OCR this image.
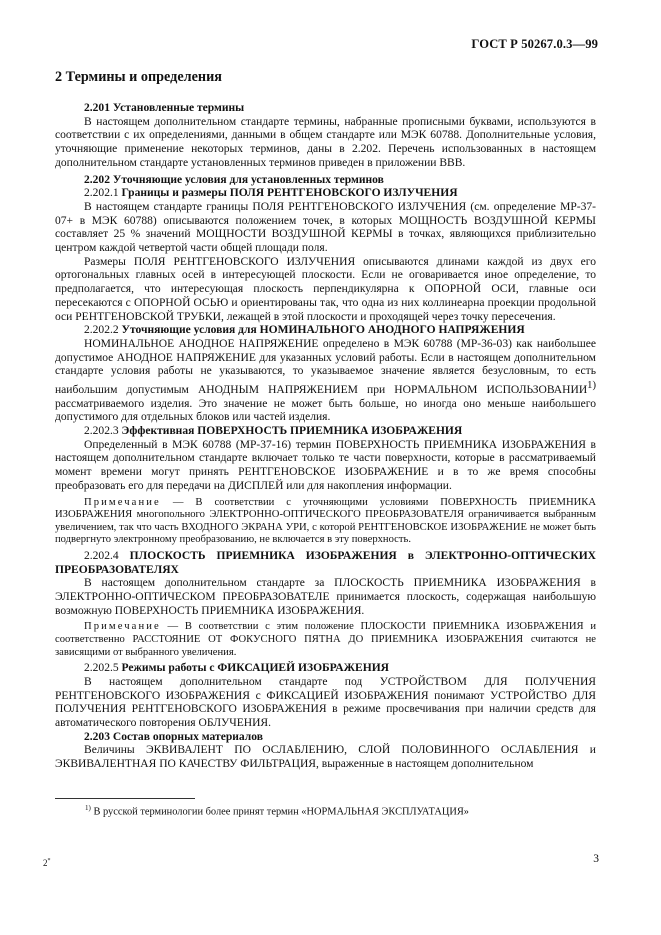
ГОСТ Р 50267.0.3—99

2 Термины и определения

2.201 Установленные термины

В настоящем дополнительном стандарте термины, набранные прописными буквами, используются в соответствии с их определениями, данными в общем стандарте или МЭК 60788. Дополнительные условия, уточняющие применение некоторых терминов, даны в 2.202. Перечень использованных в настоящем дополнительном стандарте установленных терминов приведен в приложении ВВВ.

2.202 Уточняющие условия для установленных терминов

2.202.1 Границы и размеры ПОЛЯ РЕНТГЕНОВСКОГО ИЗЛУЧЕНИЯ

В настоящем стандарте границы ПОЛЯ РЕНТГЕНОВСКОГО ИЗЛУЧЕНИЯ (см. определение МР-37-07+ в МЭК 60788) описываются положением точек, в которых МОЩНОСТЬ ВОЗДУШНОЙ КЕРМЫ составляет 25 % значений МОЩНОСТИ ВОЗДУШНОЙ КЕРМЫ в точках, являющихся приблизительно центром каждой четвертой части общей площади поля.

Размеры ПОЛЯ РЕНТГЕНОВСКОГО ИЗЛУЧЕНИЯ описываются длинами каждой из двух его ортогональных главных осей в интересующей плоскости. Если не оговаривается иное определение, то предполагается, что интересующая плоскость перпендикулярна к ОПОРНОЙ ОСИ, главные оси пересекаются с ОПОРНОЙ ОСЬЮ и ориентированы так, что одна из них коллинеарна проекции продольной оси РЕНТГЕНОВСКОЙ ТРУБКИ, лежащей в этой плоскости и проходящей через точку пересечения.

2.202.2 Уточняющие условия для НОМИНАЛЬНОГО АНОДНОГО НАПРЯЖЕНИЯ

НОМИНАЛЬНОЕ АНОДНОЕ НАПРЯЖЕНИЕ определено в МЭК 60788 (МР-36-03) как наибольшее допустимое АНОДНОЕ НАПРЯЖЕНИЕ для указанных условий работы. Если в настоящем дополнительном стандарте условия работы не указываются, то указываемое значение является безусловным, то есть наибольшим допустимым АНОДНЫМ НАПРЯЖЕНИЕМ при НОРМАЛЬНОМ ИСПОЛЬЗОВАНИИ$^{1)}$ рассматриваемого изделия. Это значение не может быть больше, но иногда оно меньше наибольшего допустимого для отдельных блоков или частей изделия.

2.202.3 Эффективная ПОВЕРХНОСТЬ ПРИЕМНИКА ИЗОБРАЖЕНИЯ

Определенный в МЭК 60788 (МР-37-16) термин ПОВЕРХНОСТЬ ПРИЕМНИКА ИЗОБРАЖЕНИЯ в настоящем дополнительном стандарте включает только те части поверхности, которые в рассматриваемый момент времени могут принять РЕНТГЕНОВСКОЕ ИЗОБРАЖЕНИЕ и в то же время способны преобразовать его для передачи на ДИСПЛЕЙ или для накопления информации.

Примечание — В соответствии с уточняющими условиями ПОВЕРХНОСТЬ ПРИЕМНИКА ИЗОБРАЖЕНИЯ многопольного ЭЛЕКТРОННО-ОПТИЧЕСКОГО ПРЕОБРАЗОВАТЕЛЯ ограничивается выбранным увеличением, так что часть ВХОДНОГО ЭКРАНА УРИ, с которой РЕНТГЕНОВСКОЕ ИЗОБРАЖЕНИЕ не может быть подвергнуто электронному преобразованию, не включается в эту поверхность.

2.202.4 ПЛОСКОСТЬ ПРИЕМНИКА ИЗОБРАЖЕНИЯ в ЭЛЕКТРОННО-ОПТИЧЕСКИХ ПРЕОБРАЗОВАТЕЛЯХ

В настоящем дополнительном стандарте за ПЛОСКОСТЬ ПРИЕМНИКА ИЗОБРАЖЕНИЯ в ЭЛЕКТРОННО-ОПТИЧЕСКОМ ПРЕОБРАЗОВАТЕЛЕ принимается плоскость, содержащая наибольшую возможную ПОВЕРХНОСТЬ ПРИЕМНИКА ИЗОБРАЖЕНИЯ.

Примечание — В соответствии с этим положение ПЛОСКОСТИ ПРИЕМНИКА ИЗОБРАЖЕНИЯ и соответственно РАССТОЯНИЕ ОТ ФОКУСНОГО ПЯТНА ДО ПРИЕМНИКА ИЗОБРАЖЕНИЯ считаются не зависящими от выбранного увеличения.

2.202.5 Режимы работы с ФИКСАЦИЕЙ ИЗОБРАЖЕНИЯ

В настоящем дополнительном стандарте под УСТРОЙСТВОМ ДЛЯ ПОЛУЧЕНИЯ РЕНТГЕНОВСКОГО ИЗОБРАЖЕНИЯ с ФИКСАЦИЕЙ ИЗОБРАЖЕНИЯ понимают УСТРОЙСТВО ДЛЯ ПОЛУЧЕНИЯ РЕНТГЕНОВСКОГО ИЗОБРАЖЕНИЯ в режиме просвечивания при наличии средств для автоматического повторения ОБЛУЧЕНИЯ.

2.203 Состав опорных материалов

Величины ЭКВИВАЛЕНТ ПО ОСЛАБЛЕНИЮ, СЛОЙ ПОЛОВИННОГО ОСЛАБЛЕНИЯ и ЭКВИВАЛЕНТНАЯ ПО КАЧЕСТВУ ФИЛЬТРАЦИЯ, выраженные в настоящем дополнительном

$^{1)}$ В русской терминологии более принят термин «НОРМАЛЬНАЯ ЭКСПЛУАТАЦИЯ»
2*	3
